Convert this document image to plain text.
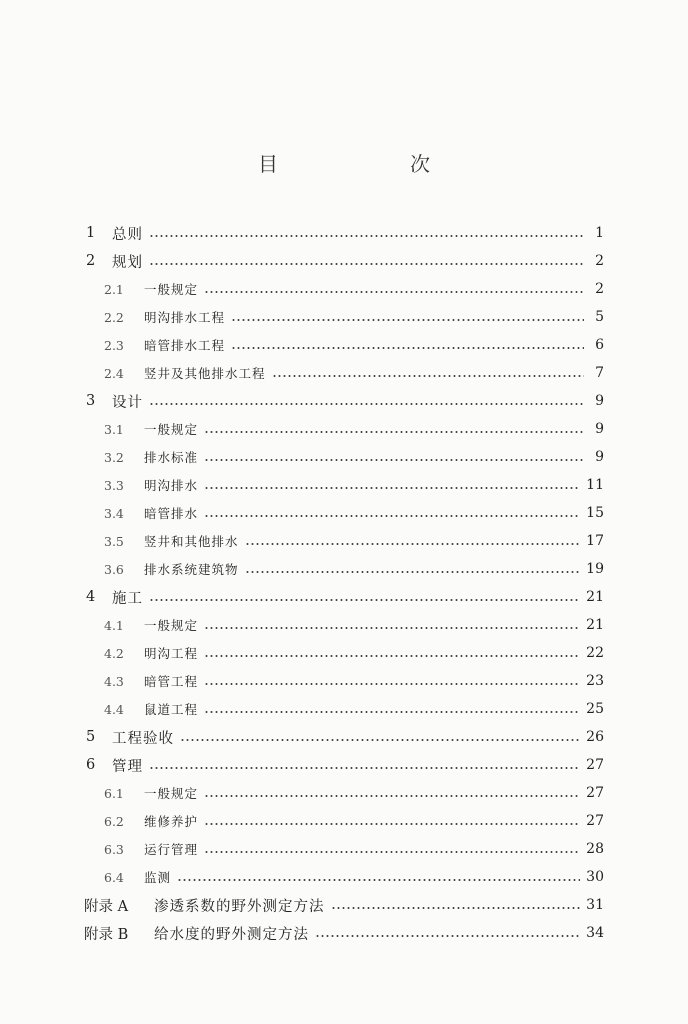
目　次
1	总则	1
2	规划	2
2.1	一般规定	2
2.2	明沟排水工程	5
2.3	暗管排水工程	6
2.4	竖井及其他排水工程	7
3	设计	9
3.1	一般规定	9
3.2	排水标准	9
3.3	明沟排水	11
3.4	暗管排水	15
3.5	竖井和其他排水	17
3.6	排水系统建筑物	19
4	施工	21
4.1	一般规定	21
4.2	明沟工程	22
4.3	暗管工程	23
4.4	鼠道工程	25
5	工程验收	26
6	管理	27
6.1	一般规定	27
6.2	维修养护	27
6.3	运行管理	28
6.4	监测	30
附录 A	渗透系数的野外测定方法	31
附录 B	给水度的野外测定方法	34
